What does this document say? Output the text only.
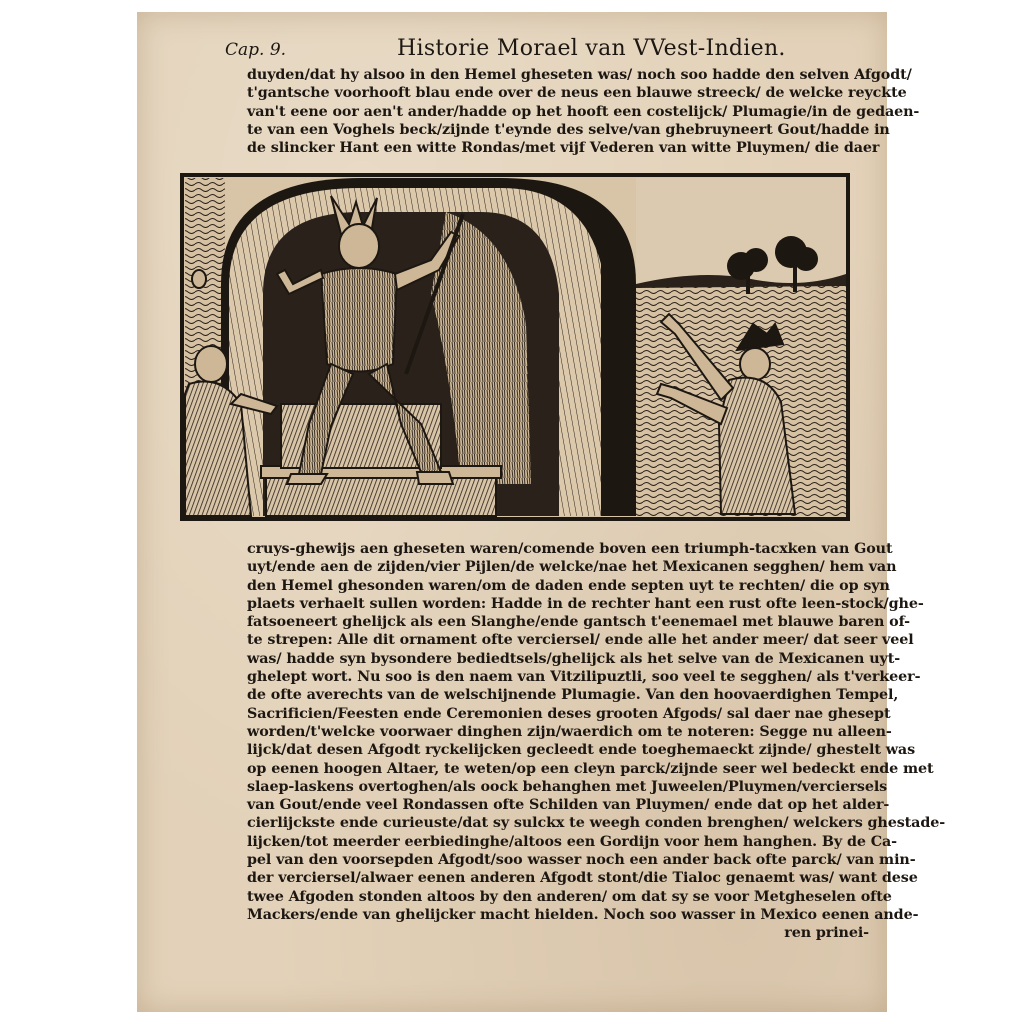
Cap. 9.	Historie Morael van VVest-Indien.
duyden/dat hy alsoo in den Hemel gheseten was/ noch soo hadde den selven Afgodt/
t'gantsche voorhooft blau ende over de neus een blauwe streeck/ de welcke reyckte
van't eene oor aen't ander/hadde op het hooft een costelijck/ Plumagie/in de gedaen-
te van een Voghels beck/zijnde t'eynde des selve/van ghebruyneert Gout/hadde in
de slincker Hant een witte Rondas/met vijf Vederen van witte Pluymen/ die daer
cruys-ghewijs aen gheseten waren/comende boven een triumph-tacxken van Gout
uyt/ende aen de zijden/vier Pijlen/de welcke/nae het Mexicanen segghen/ hem van
den Hemel ghesonden waren/om de daden ende septen uyt te rechten/ die op syn
plaets verhaelt sullen worden: Hadde in de rechter hant een rust ofte leen-stock/ghe-
fatsoeneert ghelijck als een Slanghe/ende gantsch t'eenemael met blauwe baren of-
te strepen: Alle dit ornament ofte verciersel/ ende alle het ander meer/ dat seer veel
was/ hadde syn bysondere bediedtsels/ghelijck als het selve van de Mexicanen uyt-
ghelept wort. Nu soo is den naem van Vitzilipuztli, soo veel te segghen/ als t'verkeer-
de ofte averechts van de welschijnende Plumagie. Van den hoovaerdighen Tempel,
Sacrificien/Feesten ende Ceremonien deses grooten Afgods/ sal daer nae ghesept
worden/t'welcke voorwaer dinghen zijn/waerdich om te noteren: Segge nu alleen-
lijck/dat desen Afgodt ryckelijcken gecleedt ende toeghemaeckt zijnde/ ghestelt was
op eenen hoogen Altaer, te weten/op een cleyn parck/zijnde seer wel bedeckt ende met
slaep-laskens overtoghen/als oock behanghen met Juweelen/Pluymen/verciersels
van Gout/ende veel Rondassen ofte Schilden van Pluymen/ ende dat op het alder-
cierlijckste ende curieuste/dat sy sulckx te weegh conden brenghen/ welckers ghestade-
lijcken/tot meerder eerbiedinghe/altoos een Gordijn voor hem hanghen. By de Ca-
pel van den voorsepden Afgodt/soo wasser noch een ander back ofte parck/ van min-
der verciersel/alwaer eenen anderen Afgodt stont/die Tialoc genaemt was/ want dese
twee Afgoden stonden altoos by den anderen/ om dat sy se voor Metgheselen ofte
Mackers/ende van ghelijcker macht hielden. Noch soo wasser in Mexico eenen ande-
ren prinei-
